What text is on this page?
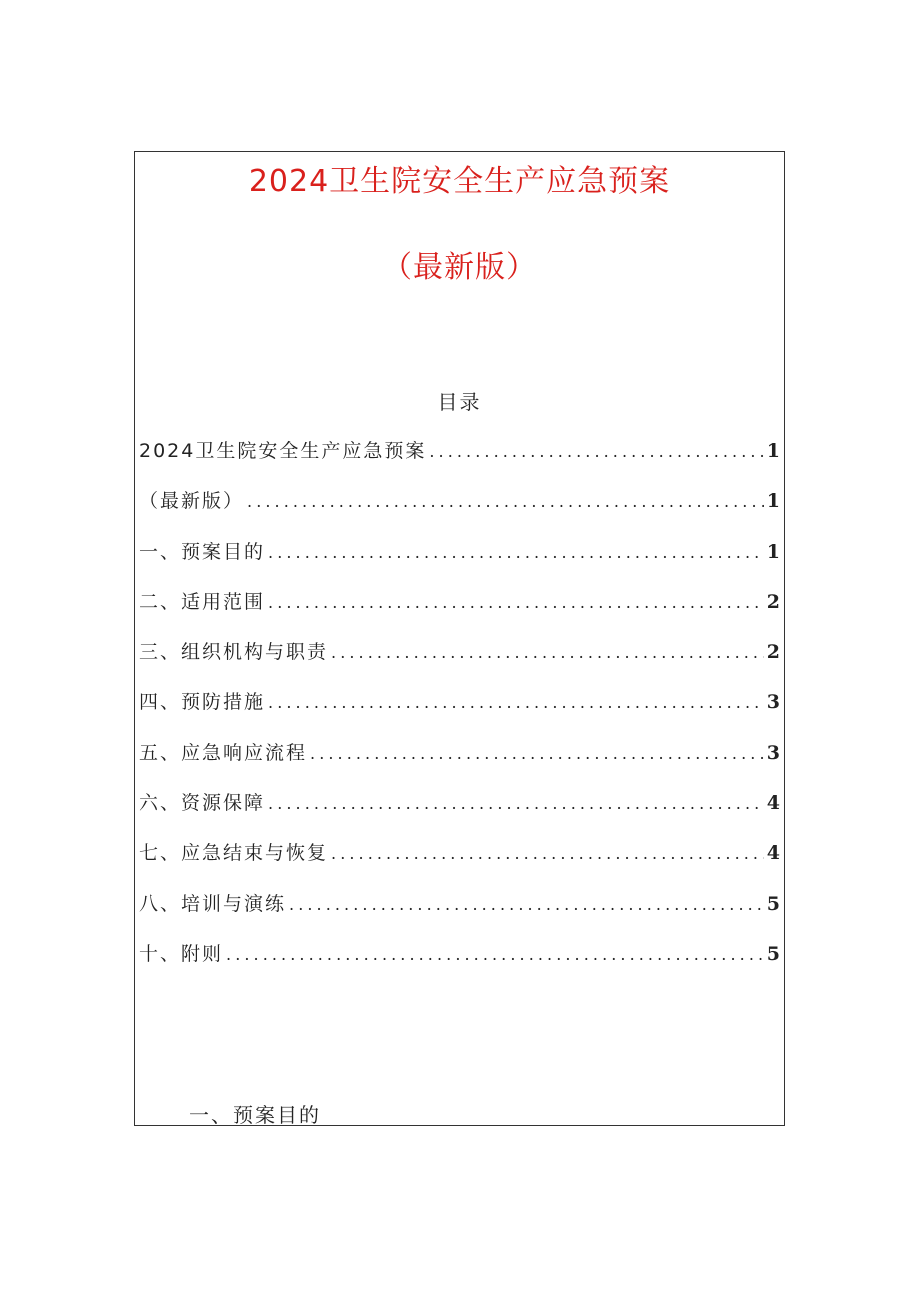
2024卫生院安全生产应急预案
（最新版）
目录
2024卫生院安全生产应急预案 . . .	1
（最新版） . . .	1
一、预案目的 . . .	1
二、适用范围 . . .	2
三、组织机构与职责 . . .	2
四、预防措施 . . .	3
五、应急响应流程 . . .	3
六、资源保障 . . .	4
七、应急结束与恢复 . . .	4
八、培训与演练 . . .	5
十、附则 . . .	5
一、预案目的
